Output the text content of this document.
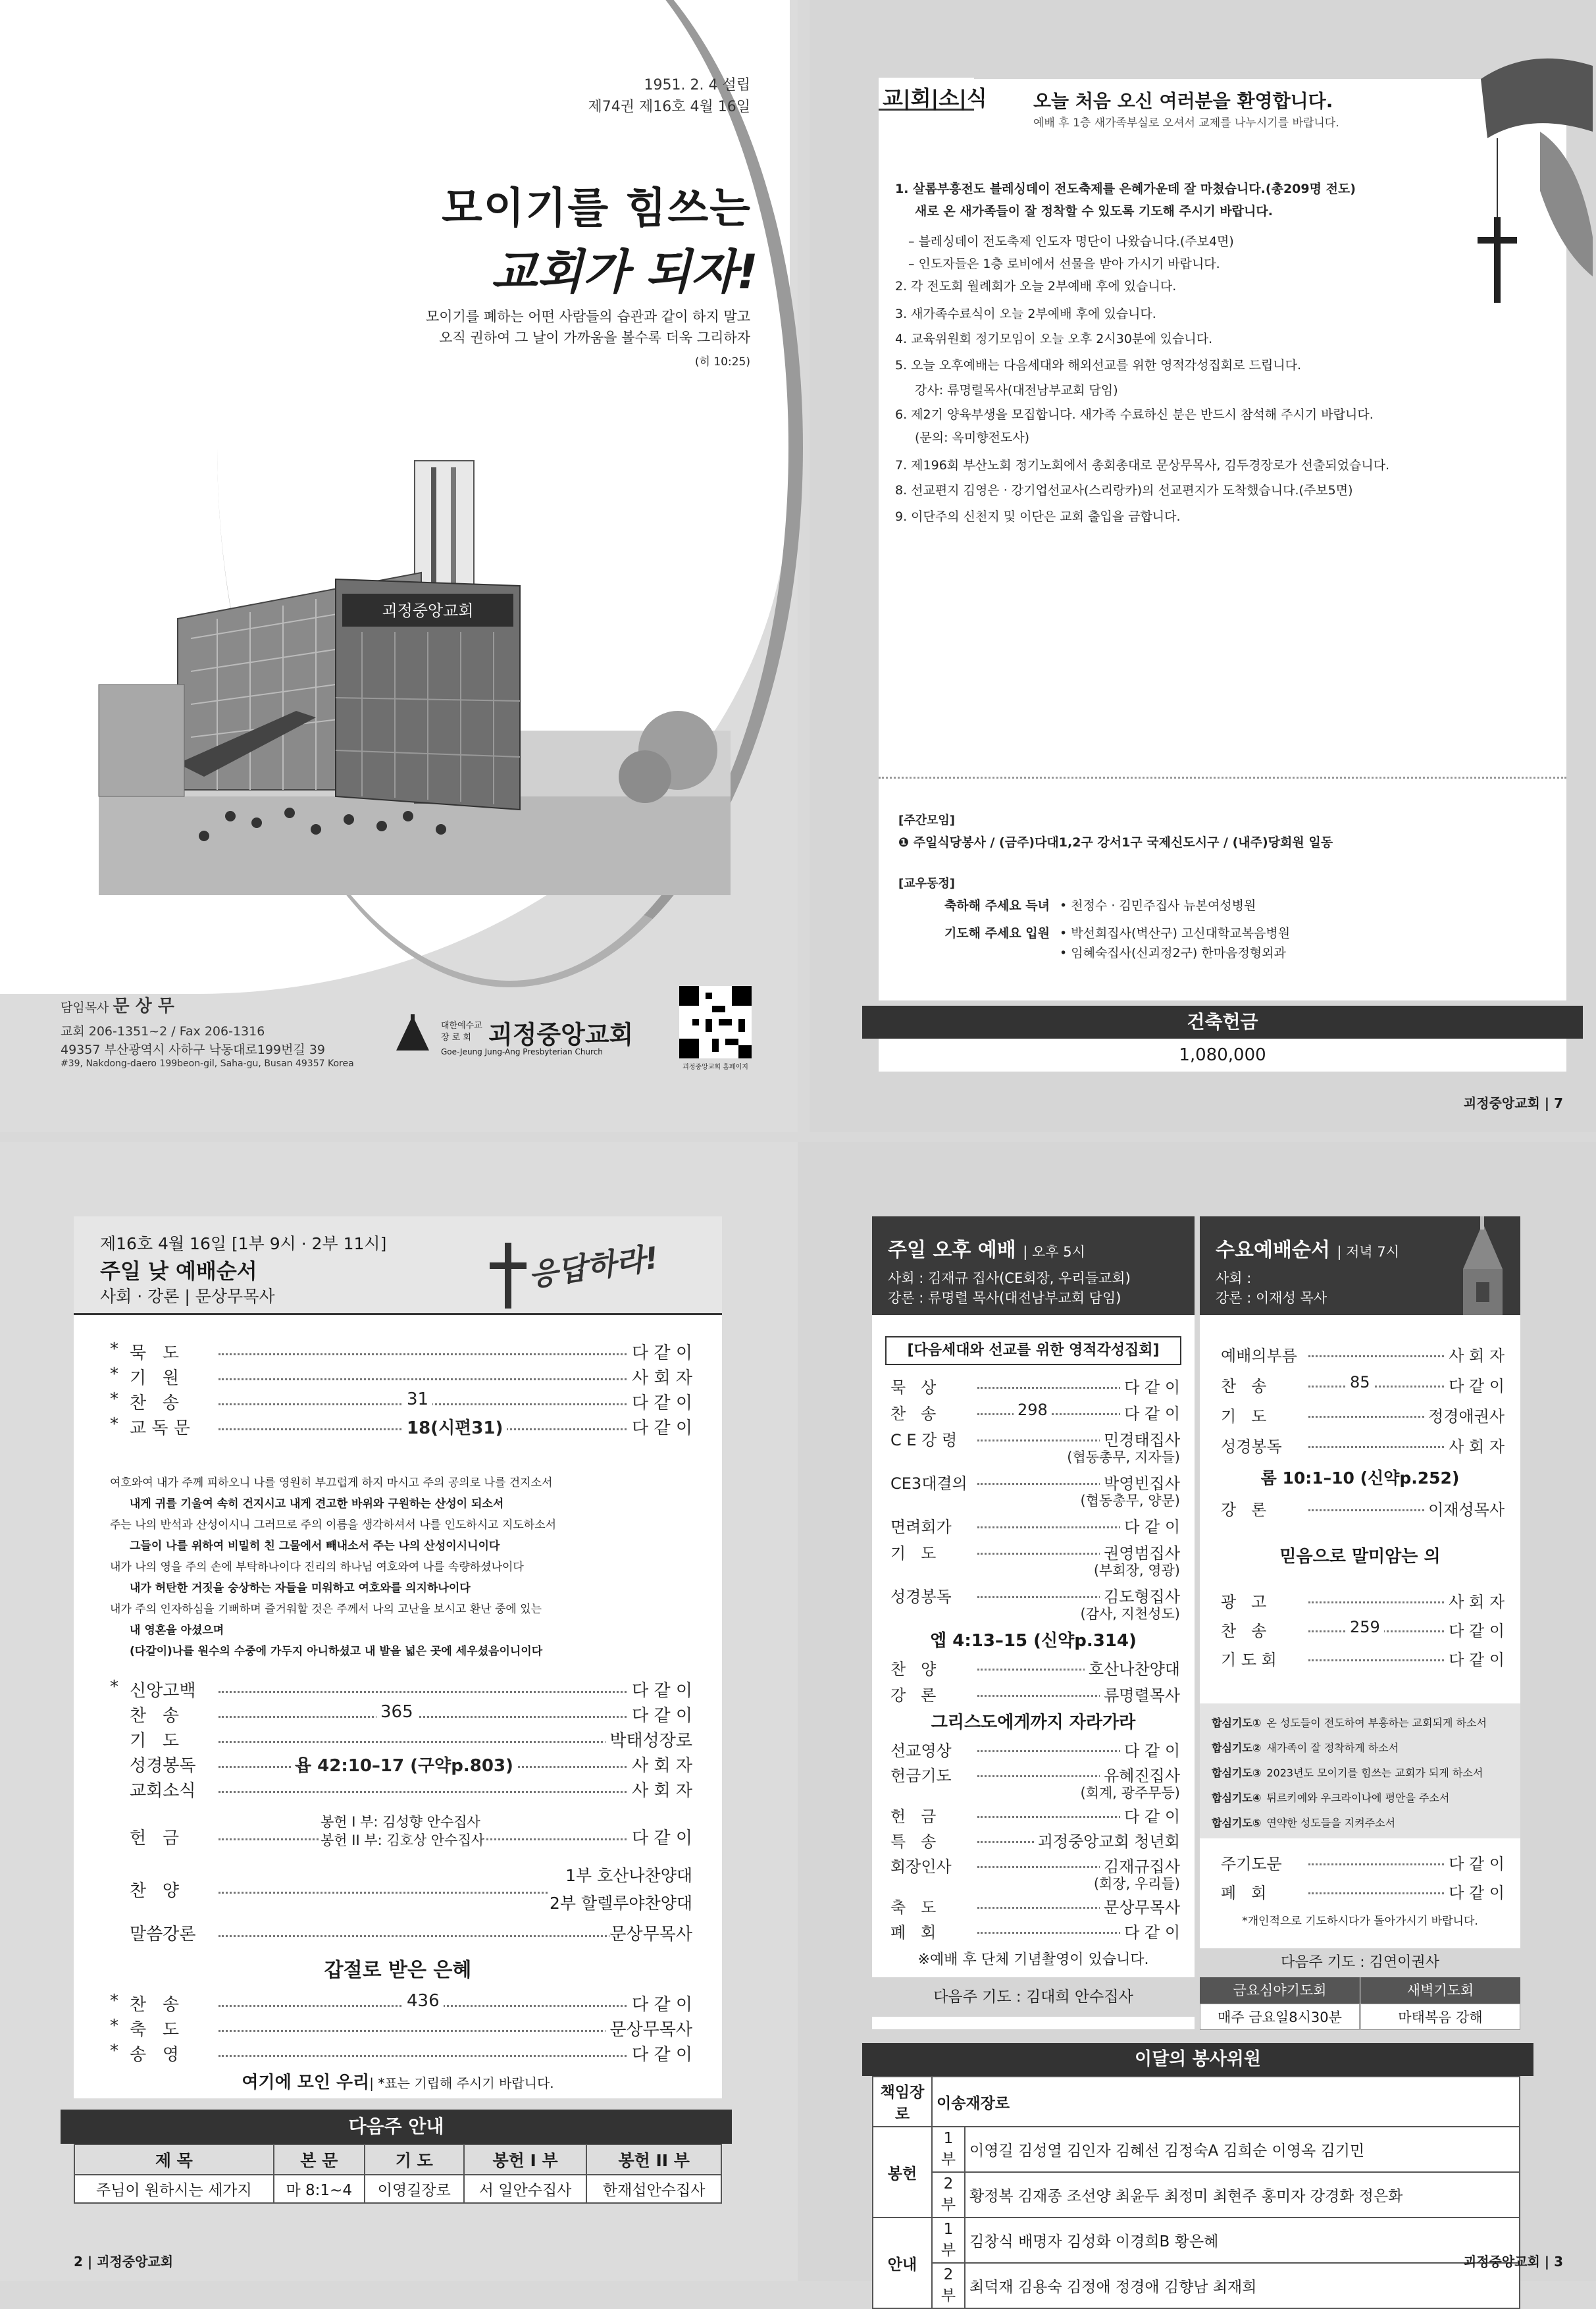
1951. 2. 4 설립
제74권 제16호 4월 16일
모이기를 힘쓰는
교회가 되자!
모이기를 폐하는 어떤 사람들의 습관과 같이 하지 말고
오직 권하여 그 날이 가까움을 볼수록 더욱 그리하자
(히 10:25)
괴정중앙교회
담임목사 문 상 무
교회 206-1351~2 / Fax 206-1316
49357 부산광역시 사하구 낙동대로199번길 39
#39, Nakdong-daero 199beon-gil, Saha-gu, Busan 49357 Korea
대한예수교
장 로 회 괴정중앙교회
Goe-Jeung Jung-Ang Presbyterian Church
괴정중앙교회 홈페이지
교|회|소|식	오늘 처음 오신 여러분을 환영합니다.
예배 후 1층 새가족부실로 오셔서 교제를 나누시기를 바랍니다.
[주간모임]
❶ 주일식당봉사 / (금주)다대1,2구 강서1구 국제신도시구 / (내주)당회원 일동
[교우동정]
축하해 주세요 득녀 • 천정수 · 김민주집사 뉴본여성병원
기도해 주세요 입원 • 박선희집사(벽산구) 고신대학교복음병원
• 임혜숙집사(신괴정2구) 한마음정형외과
건축헌금
1,080,000
괴정중앙교회 | 7
1. 살롬부흥전도 블레싱데이 전도축제를 은혜가운데 잘 마쳤습니다.(총209명 전도)
새로 온 새가족들이 잘 정착할 수 있도록 기도해 주시기 바랍니다.
– 블레싱데이 전도축제 인도자 명단이 나왔습니다.(주보4면)
– 인도자들은 1층 로비에서 선물을 받아 가시기 바랍니다.
2. 각 전도회 월례회가 오늘 2부예배 후에 있습니다.
3. 새가족수료식이 오늘 2부예배 후에 있습니다.
4. 교육위원회 정기모임이 오늘 오후 2시30분에 있습니다.
5. 오늘 오후예배는 다음세대와 해외선교를 위한 영적각성집회로 드립니다.
강사: 류명렬목사(대전남부교회 담임)
6. 제2기 양육부생을 모집합니다. 새가족 수료하신 분은 반드시 참석해 주시기 바랍니다.
(문의: 옥미향전도사)
7. 제196회 부산노회 정기노회에서 총회총대로 문상무목사, 김두경장로가 선출되었습니다.
8. 선교편지 김영은 · 강기업선교사(스리랑카)의 선교편지가 도착했습니다.(주보5면)
9. 이단주의 신천지 및 이단은 교회 출입을 금합니다.
제16호 4월 16일 [1부 9시 · 2부 11시]
주일 낮 예배순서
사회 · 강론 | 문상무목사
응답하라!
* 묵   도	다 같 이
* 기   원	사 회 자
* 찬   송	31	다 같 이
* 교 독 문	18(시편31)	다 같 이
여호와여 내가 주께 피하오니 나를 영원히 부끄럽게 하지 마시고 주의 공의로 나를 건지소서
내게 귀를 기울여 속히 건지시고 내게 견고한 바위와 구원하는 산성이 되소서
주는 나의 반석과 산성이시니 그러므로 주의 이름을 생각하셔서 나를 인도하시고 지도하소서
그들이 나를 위하여 비밀히 친 그물에서 빼내소서 주는 나의 산성이시니이다
내가 나의 영을 주의 손에 부탁하나이다 진리의 하나님 여호와여 나를 속량하셨나이다
내가 허탄한 거짓을 숭상하는 자들을 미워하고 여호와를 의지하나이다
내가 주의 인자하심을 기뻐하며 즐거워할 것은 주께서 나의 고난을 보시고 환난 중에 있는
내 영혼을 아셨으며
(다같이)나를 원수의 수중에 가두지 아니하셨고 내 발을 넓은 곳에 세우셨음이니이다
* 신앙고백	다 같 이
찬   송	365	다 같 이
기   도	박태성장로
성경봉독	욥 42:10–17 (구약p.803)	사 회 자
교회소식	사 회 자
헌   금	다 같 이
봉헌 I 부: 김성향 안수집사
봉헌 II 부: 김호상 안수집사
찬   양
1부 호산나찬양대
2부 할렐루야찬양대
말씀강론	문상무목사
갑절로 받은 은혜
* 찬   송	436	다 같 이
* 축   도	문상무목사
* 송   영	다 같 이
여기에 모인 우리| *표는 기립해 주시기 바랍니다.
다음주 안내
제 목	본 문	기 도	봉헌 I 부	봉헌 II 부
주님이 원하시는 세가지	마 8:1~4	이영길장로	서 일안수집사	한재섭안수집사
2 | 괴정중앙교회
주일 오후 예배 | 오후 5시
사회 : 김재규 집사(CE회장, 우리들교회)
강론 : 류명렬 목사(대전남부교회 담임)
[다음세대와 선교를 위한 영적각성집회]
묵   상	다 같 이
찬   송	298	다 같 이
C E 강 령	민경태집사
(협동총무, 지자들)
CE3대결의	박영빈집사
(협동총무, 양문)
면려회가	다 같 이
기   도	권영범집사
(부회장, 영광)
성경봉독	김도형집사
(감사, 지천성도)
엡 4:13–15 (신약p.314)
찬   양	호산나찬양대
강   론	류명렬목사
그리스도에게까지 자라가라
선교영상	다 같 이
헌금기도	유혜진집사
(회계, 광주무등)
헌   금	다 같 이
특   송	괴정중앙교회 청년회
회장인사	김재규집사
(회장, 우리들)
축   도	문상무목사
폐   회	다 같 이
※예배 후 단체 기념촬영이 있습니다.
다음주 기도 : 김대희 안수집사
수요예배순서 | 저녁 7시
사회 :
강론 : 이재성 목사
예배의부름	사 회 자
찬   송	85	다 같 이
기   도	정경애권사
성경봉독	사 회 자
롬 10:1–10 (신약p.252)
강   론	이재성목사
믿음으로 말미암는 의
광   고	사 회 자
찬   송	259	다 같 이
기 도 회	다 같 이
주기도문	다 같 이
폐   회	다 같 이
*개인적으로 기도하시다가 돌아가시기 바랍니다.
합심기도① 온 성도들이 전도하여 부흥하는 교회되게 하소서
합심기도② 새가족이 잘 정착하게 하소서
합심기도③ 2023년도 모이기를 힘쓰는 교회가 되게 하소서
합심기도④ 튀르키예와 우크라이나에 평안을 주소서
합심기도⑤ 연약한 성도들을 지켜주소서
다음주 기도 : 김연이권사
금요심야기도회	새벽기도회
매주 금요일8시30분	마태복음 강해
이달의 봉사위원
책임장로	이송재장로	
봉헌	1부	이영길 김성열 김인자 김혜선 김정숙A 김희순 이영옥 김기민
	2부	황정복 김재종 조선양 최윤두 최정미 최현주 홍미자 강경화 정은화
안내	1부	김창식 배명자 김성화 이경희B 황은혜
	2부	최덕재 김용숙 김정애 정경애 김향남 최재희
괴정중앙교회 | 3
